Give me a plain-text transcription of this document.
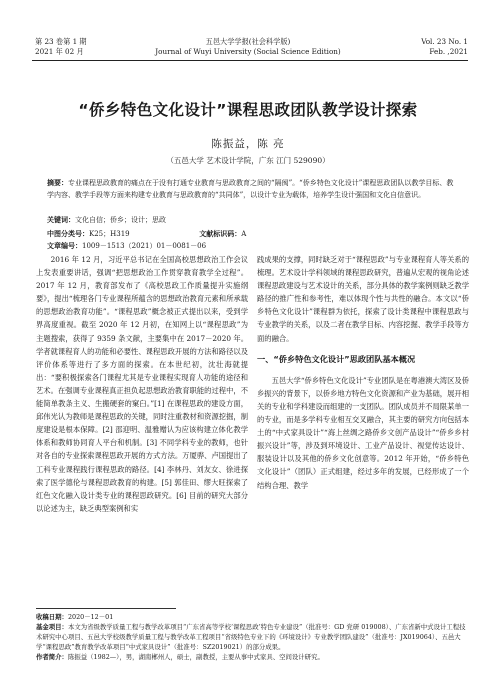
第 23 卷第 1 期
2021 年 02 月
五邑大学学报(社会科学版)
Journal of Wuyi University (Social Science Edition)
Vol. 23 No. 1
Feb. ,2021
“侨乡特色文化设计”课程思政团队教学设计探索
陈振益，陈 亮
（五邑大学 艺术设计学院，广东 江门 529090）
摘要：专业课程思政教育的痛点在于没有打通专业教育与思政教育之间的“隔阂”。“侨乡特色文化设计”课程思政团队以教学目标、教学内容、教学手段等方面来构建专业教育与思政教育的“共同体”，以设计专业为载体，培养学生设计强国和文化自信意识。
关键词：文化自信；侨乡；设计；思政
中图分类号：K25；H319	文献标识码：A 文章编号：1009－1513（2021）01－0081－06

2016 年 12 月，习近平总书记在全国高校思想政治工作会议上发表重要讲话，强调“把思想政治工作贯穿教育教学全过程”。2017 年 12 月，教育部发布了《高校思政工作质量提升实施纲要》，提出“梳理各门专业课程所蕴含的思想政治教育元素和所承载的思想政治教育功能”。“课程思政”概念被正式提出以来，受到学界高度重视。截至 2020 年 12 月初，在知网上以“课程思政”为主题搜索，获得了 9359 条文献，主要集中在 2017－2020 年。学者就课程育人的功能和必要性、课程思政开展的方法和路径以及评价体系等进行了多方面的探索。在本世纪初，沈壮海就提出：“要积极探索各门课程尤其是专业课程实现育人功能的途径和艺术。在强调专业课程真正担负起思想政治教育职能的过程中，不能简单教条主义、生搬硬套的窠臼。”[1] 在课程思政的建设方面，邱伟光认为教师是课程思政的关键，同时注重教材和资源挖掘，制度建设是根本保障。[2] 邵迎明、温雅赠认为应该构建立体化教学体系和教师协同育人平台和机制。[3] 不同学科专业的教师，也针对各自的专业探索课程思政开展的方式方法。万厦骅、卢国提出了工科专业课程践行课程思政的路径。[4] 李林丹、刘友女、徐进探索了医学德伦与课程思政教育的构建。[5] 郭佳田、缪大旺探索了红色文化融入设计类专业的课程思政研究。[6] 目前的研究大部分以论述为主，缺乏典型案例和实

践成果的支撑，同时缺乏对于“课程思政”与专业课程育人等关系的梳理。艺术设计学科领域的课程思政研究，普遍从宏观的视角论述课程思政建设与艺术设计的关系，部分具体的教学案例则缺乏教学路径的推广性和参考性，难以体现个性与共性的融合。本文以“侨乡特色文化设计”课程群为依托，探索了设计类课程中课程思政与专业教学的关系，以及二者在教学目标、内容挖掘、教学手段等方面的融合。

一、“侨乡特色文化设计”思政团队基本概况

五邑大学“侨乡特色文化设计”专业团队是在粤港澳大湾区及侨乡振兴的背景下，以侨乡地方特色文化资源和产业为基础，展开相关的专业和学科建设而组建的一支团队。团队成员并不局限某单一的专业，而是多学科专业相互交叉融合，其主要的研究方向包括本土的“中式家具设计”“海上丝绸之路侨乡文创产品设计”“侨乡乡村振兴设计”等，涉及到环境设计、工业产品设计、视觉传达设计、服装设计以及其他的侨乡文化创意等。2012 年开始，“侨乡特色文化设计”（团队）正式组建，经过多年的发展，已经形成了一个结构合理、教学

收稿日期：2020－12－01
基金项目：本文为省级教学质量工程与教学改革项目“广东省高等学校‘课程思政’特色专业建设”（批准号：GD 党研 019008）、广东省新中式设计工程技术研究中心项目、五邑大学校级教学质量工程与教学改革工程项目“省级特色专业下的《环境设计》专业教学团队建设”（批准号：JX019064）、五邑大学“课程思政”教育教学改革项目“中式家具设计”（批准号：SZ2019021）的部分成果。
作者简介：陈振益（1982—），男，湖南郴州人，硕士，副教授，主要从事中式家具、空间设计研究。
